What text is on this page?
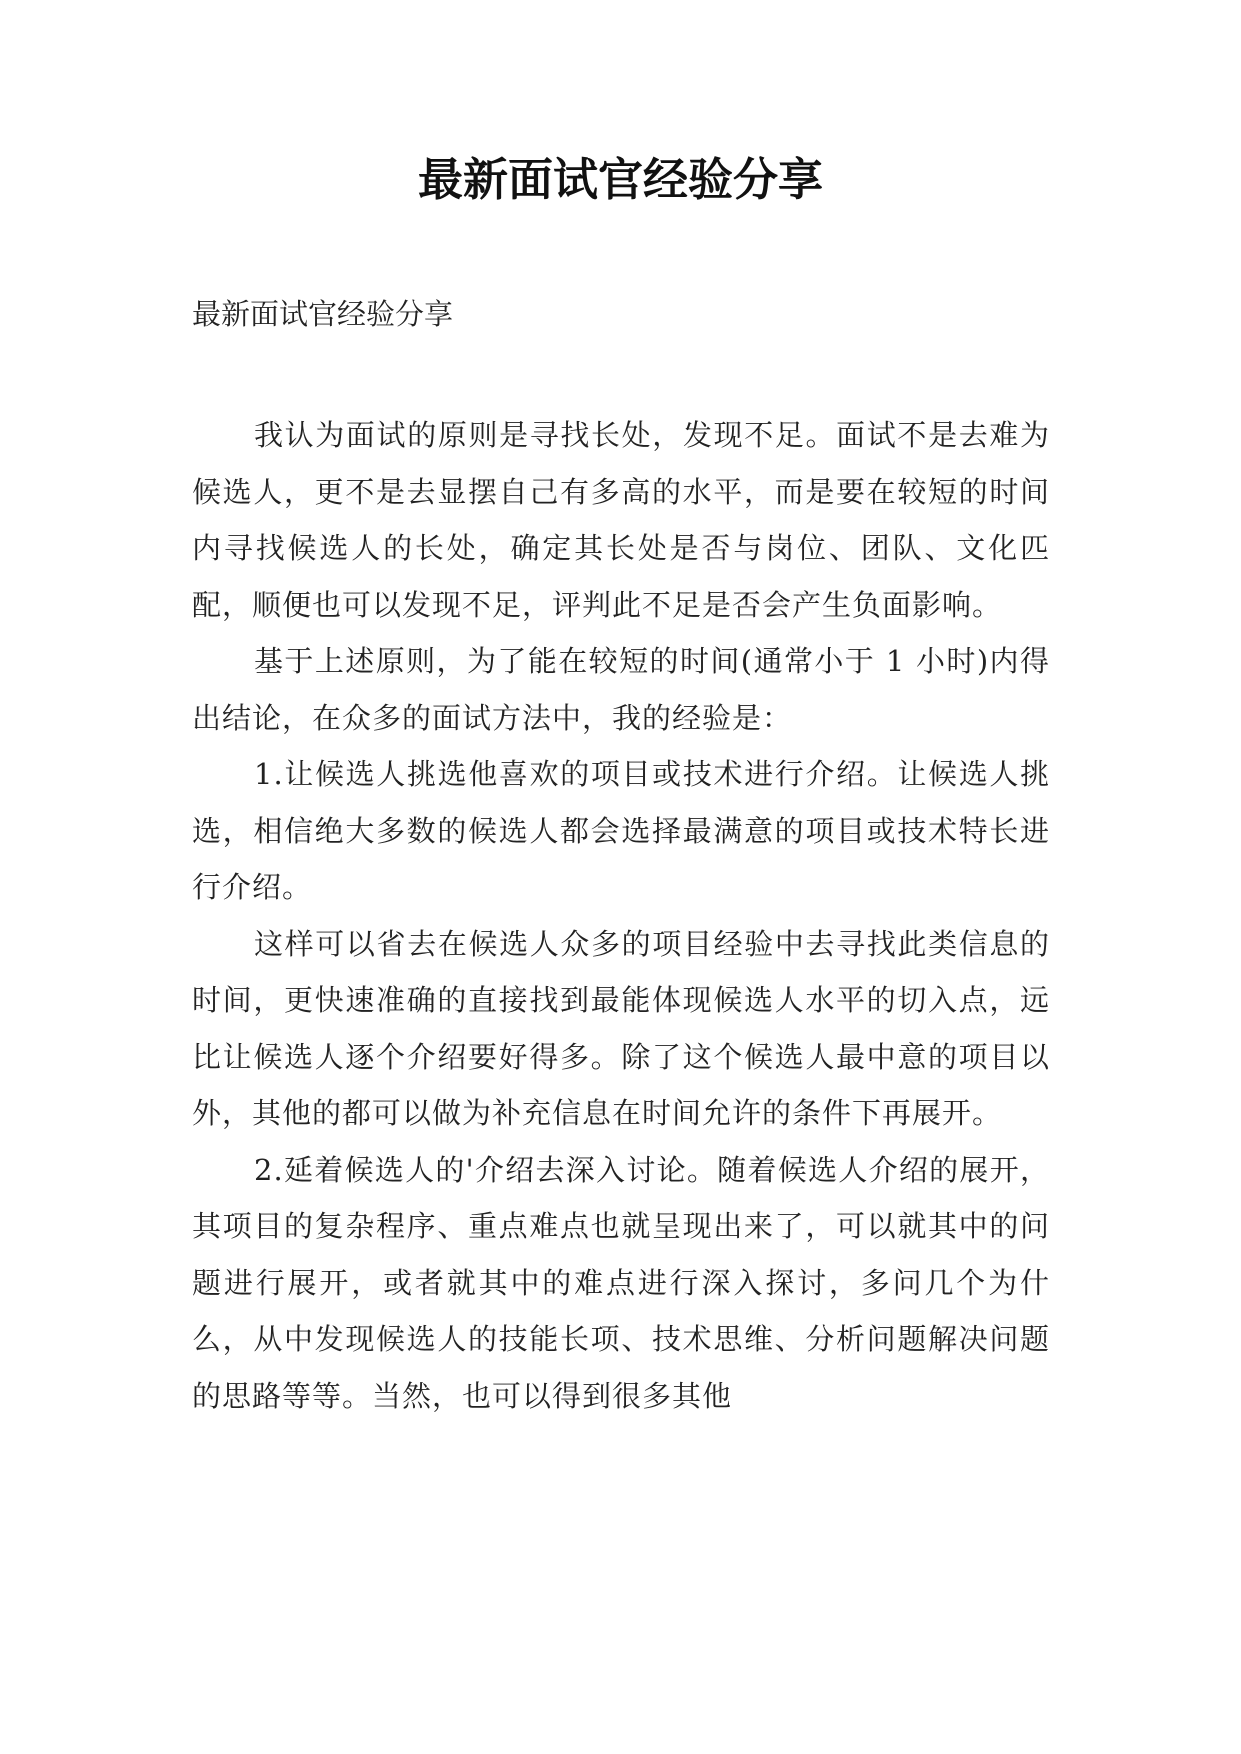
最新面试官经验分享

最新面试官经验分享

我认为面试的原则是寻找长处，发现不足。面试不是去难为候选人，更不是去显摆自己有多高的水平，而是要在较短的时间内寻找候选人的长处，确定其长处是否与岗位、团队、文化匹配，顺便也可以发现不足，评判此不足是否会产生负面影响。

基于上述原则，为了能在较短的时间(通常小于 1 小时)内得出结论，在众多的面试方法中，我的经验是：

1.让候选人挑选他喜欢的项目或技术进行介绍。让候选人挑选，相信绝大多数的候选人都会选择最满意的项目或技术特长进行介绍。

这样可以省去在候选人众多的项目经验中去寻找此类信息的时间，更快速准确的直接找到最能体现候选人水平的切入点，远比让候选人逐个介绍要好得多。除了这个候选人最中意的项目以外，其他的都可以做为补充信息在时间允许的条件下再展开。

2.延着候选人的'介绍去深入讨论。随着候选人介绍的展开，其项目的复杂程序、重点难点也就呈现出来了，可以就其中的问题进行展开，或者就其中的难点进行深入探讨，多问几个为什么，从中发现候选人的技能长项、技术思维、分析问题解决问题的思路等等。当然，也可以得到很多其他
